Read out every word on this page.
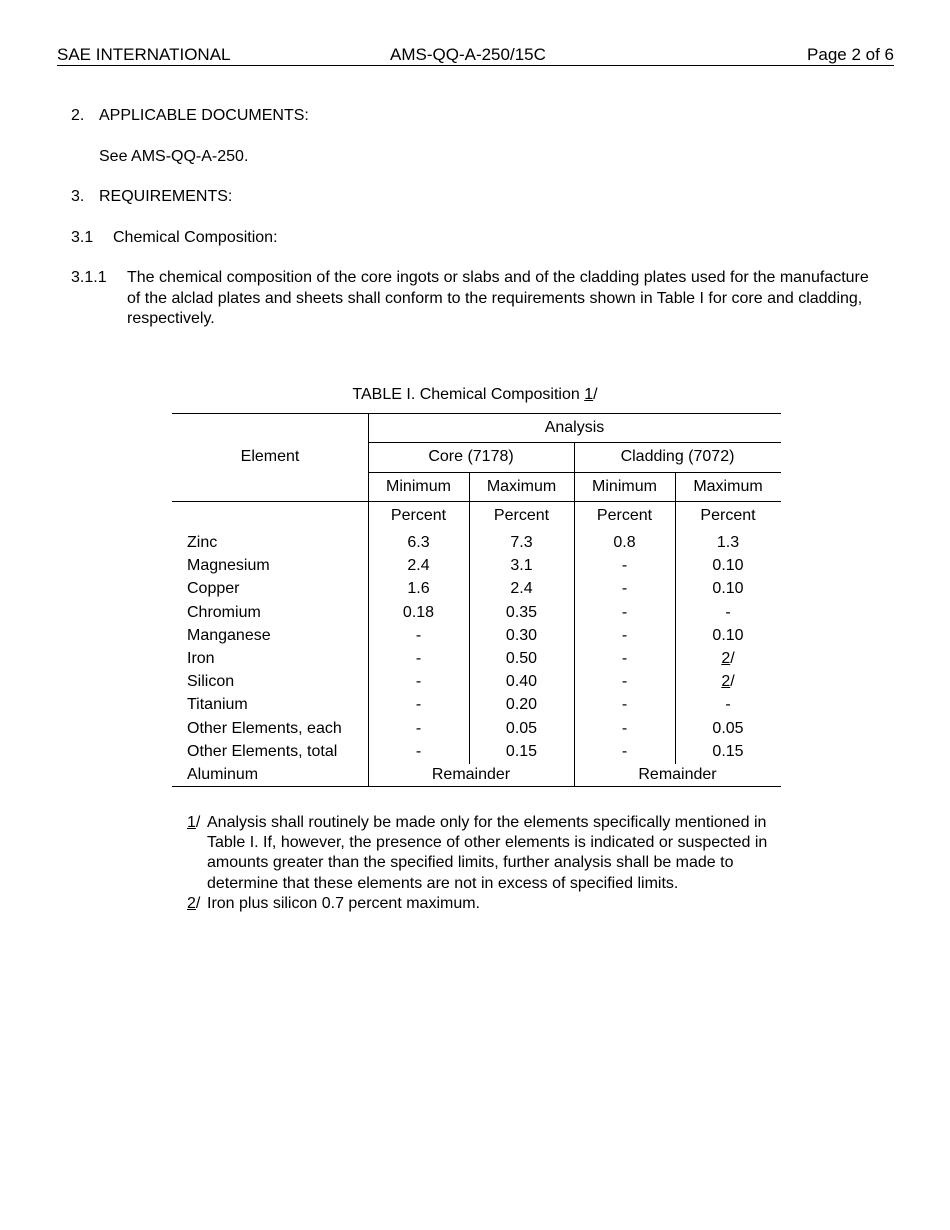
SAE INTERNATIONAL	AMS-QQ-A-250/15C	Page 2 of 6
2. APPLICABLE DOCUMENTS:
See AMS-QQ-A-250.
3. REQUIREMENTS:
3.1 Chemical Composition:
3.1.1 The chemical composition of the core ingots or slabs and of the cladding plates used for the manufacture of the alclad plates and sheets shall conform to the requirements shown in Table I for core and cladding, respectively.
TABLE I. Chemical Composition 1/
Element
Analysis
Core (7178)	Cladding (7072)
Minimum	Maximum	Minimum	Maximum
Percent	Percent	Percent	Percent
Zinc	6.3	7.3	0.8	1.3
Magnesium	2.4	3.1	-	0.10
Copper	1.6	2.4	-	0.10
Chromium	0.18	0.35	-	-
Manganese	-	0.30	-	0.10
Iron	-	0.50	-	2/
Silicon	-	0.40	-	2/
Titanium	-	0.20	-	-
Other Elements, each	-	0.05	-	0.05
Other Elements, total	-	0.15	-	0.15
Aluminum	Remainder	Remainder
1/ Analysis shall routinely be made only for the elements specifically mentioned in Table I. If, however, the presence of other elements is indicated or suspected in amounts greater than the specified limits, further analysis shall be made to determine that these elements are not in excess of specified limits.
2/ Iron plus silicon 0.7 percent maximum.
